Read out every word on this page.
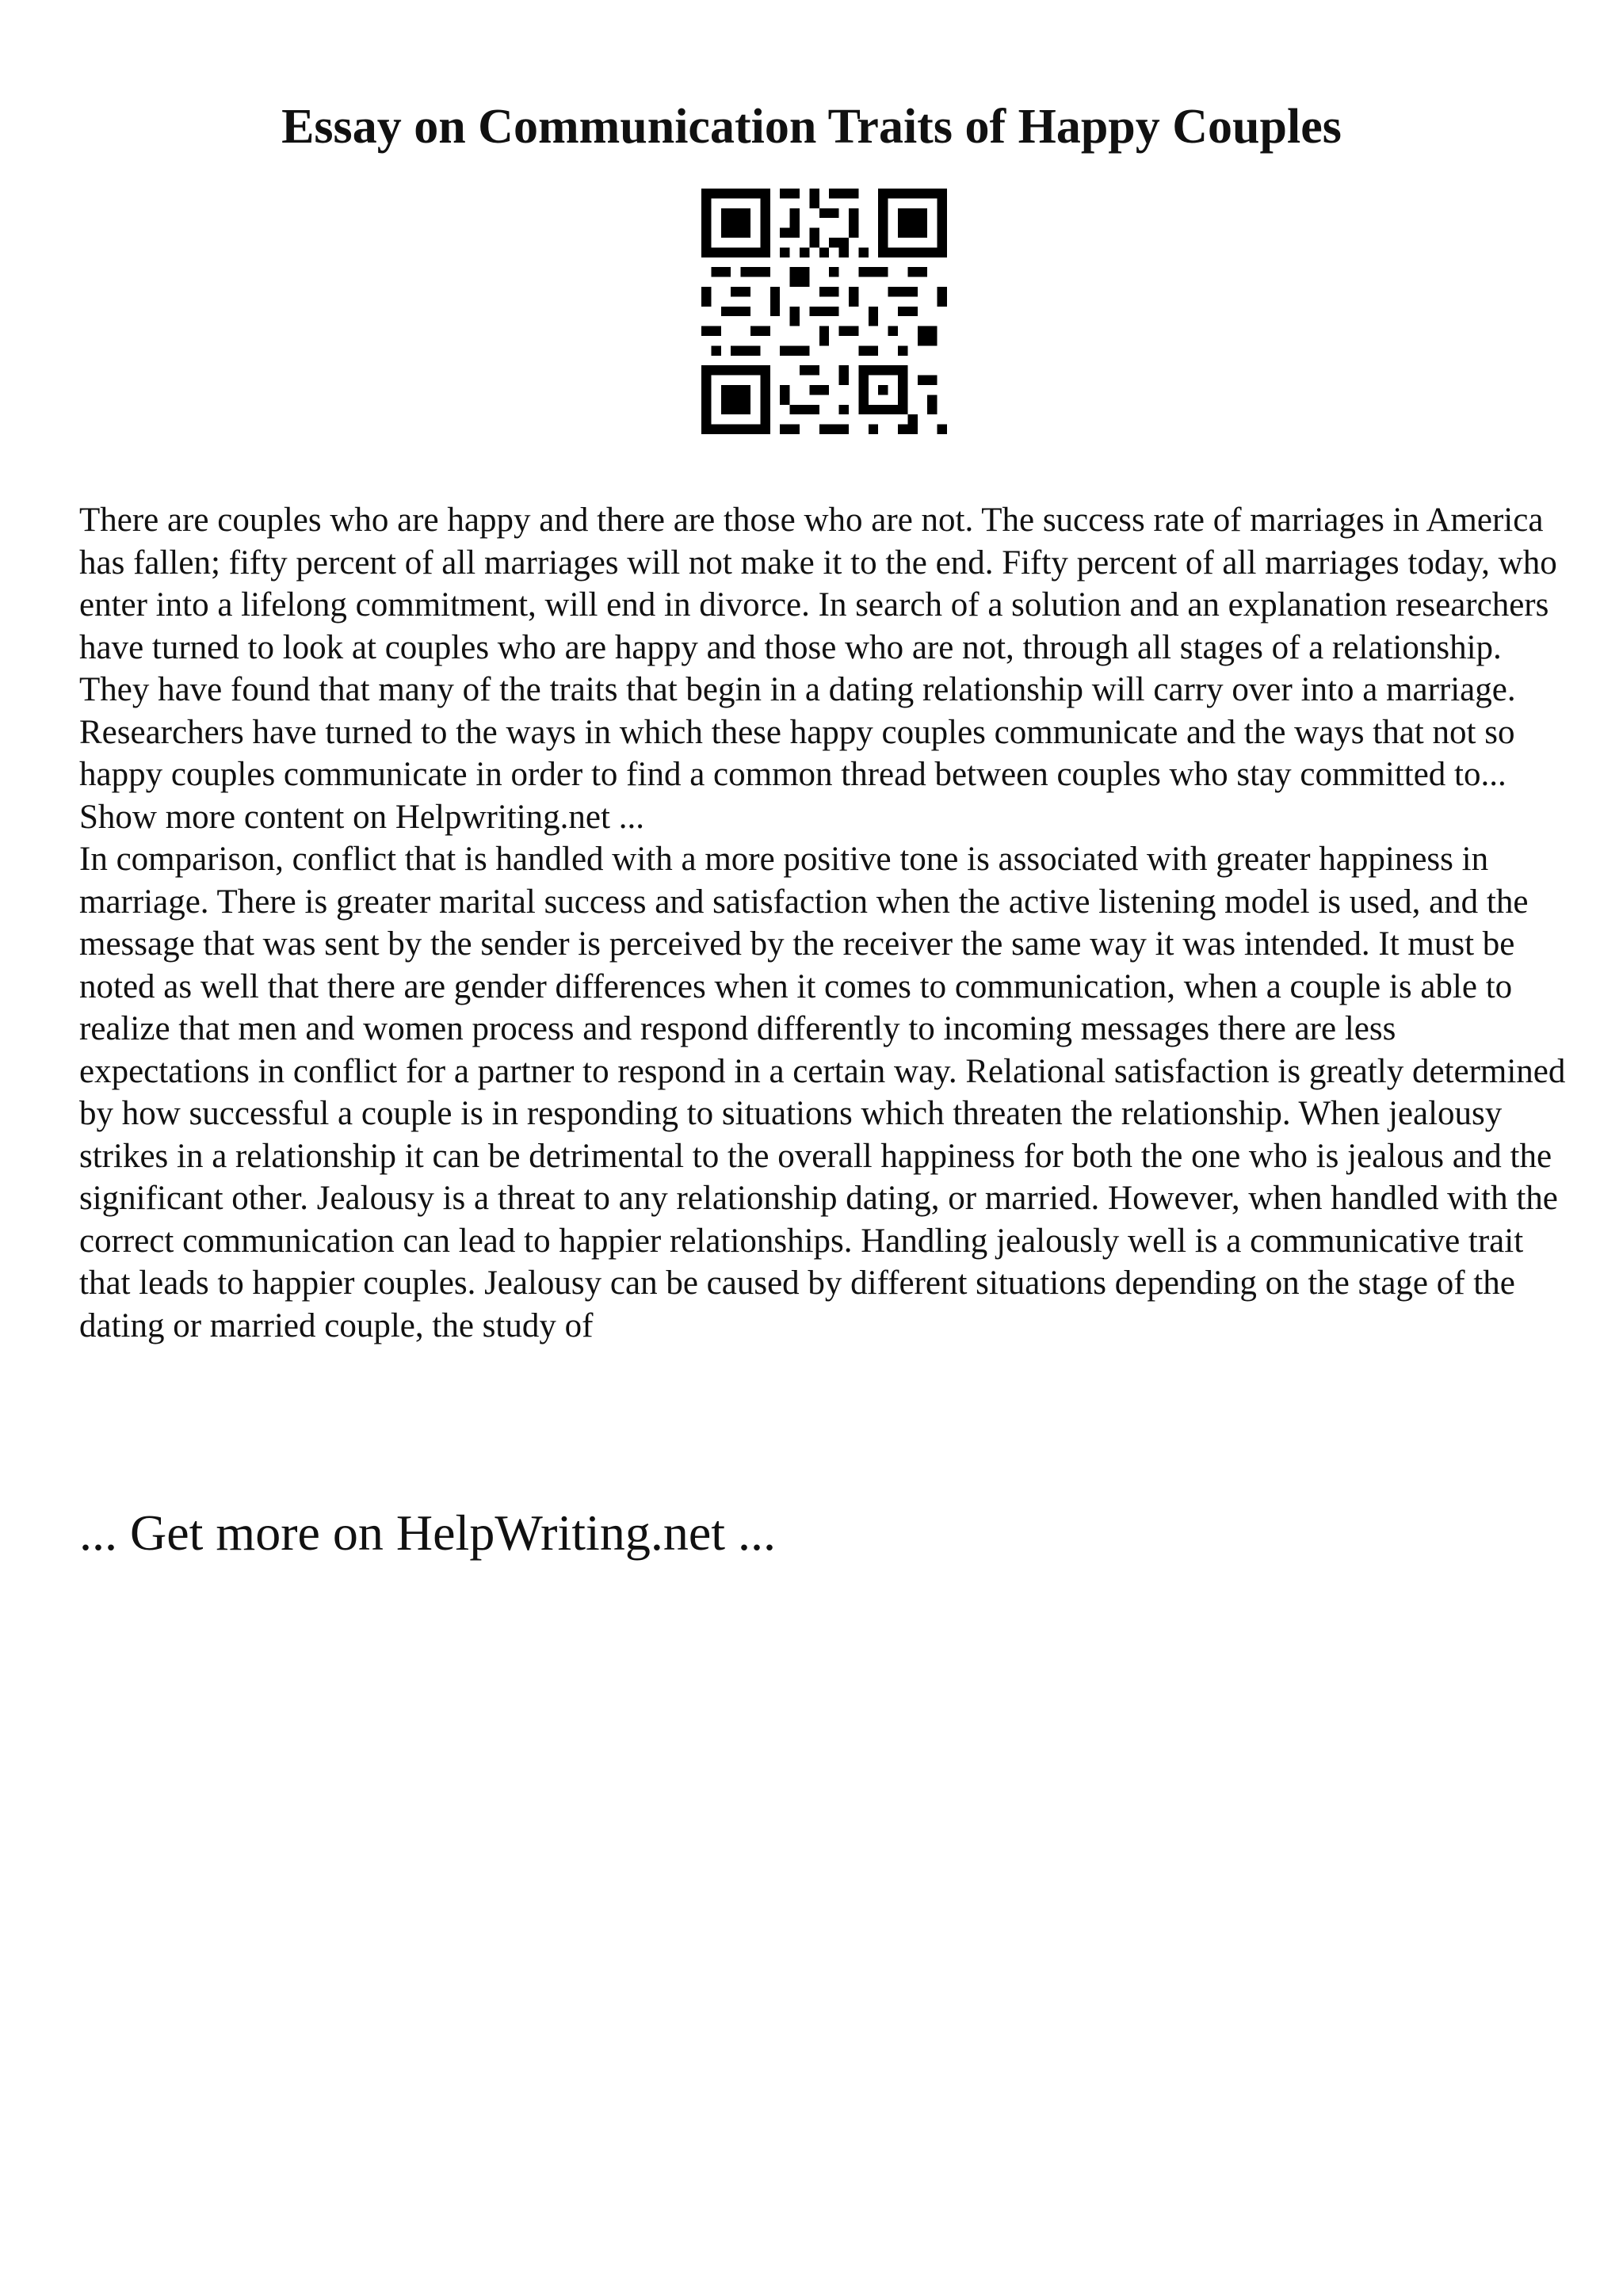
Essay on Communication Traits of Happy Couples

There are couples who are happy and there are those who are not. The success rate of marriages in America has fallen; fifty percent of all marriages will not make it to the end. Fifty percent of all marriages today, who enter into a lifelong commitment, will end in divorce. In search of a solution and an explanation researchers have turned to look at couples who are happy and those who are not, through all stages of a relationship. They have found that many of the traits that begin in a dating relationship will carry over into a marriage. Researchers have turned to the ways in which these happy couples communicate and the ways that not so happy couples communicate in order to find a common thread between couples who stay committed to... Show more content on Helpwriting.net ...

In comparison, conflict that is handled with a more positive tone is associated with greater happiness in marriage. There is greater marital success and satisfaction when the active listening model is used, and the message that was sent by the sender is perceived by the receiver the same way it was intended. It must be noted as well that there are gender differences when it comes to communication, when a couple is able to realize that men and women process and respond differently to incoming messages there are less expectations in conflict for a partner to respond in a certain way. Relational satisfaction is greatly determined by how successful a couple is in responding to situations which threaten the relationship. When jealousy strikes in a relationship it can be detrimental to the overall happiness for both the one who is jealous and the significant other. Jealousy is a threat to any relationship dating, or married. However, when handled with the correct communication can lead to happier relationships. Handling jealously well is a communicative trait that leads to happier couples. Jealousy can be caused by different situations depending on the stage of the dating or married couple, the study of

... Get more on HelpWriting.net ...
